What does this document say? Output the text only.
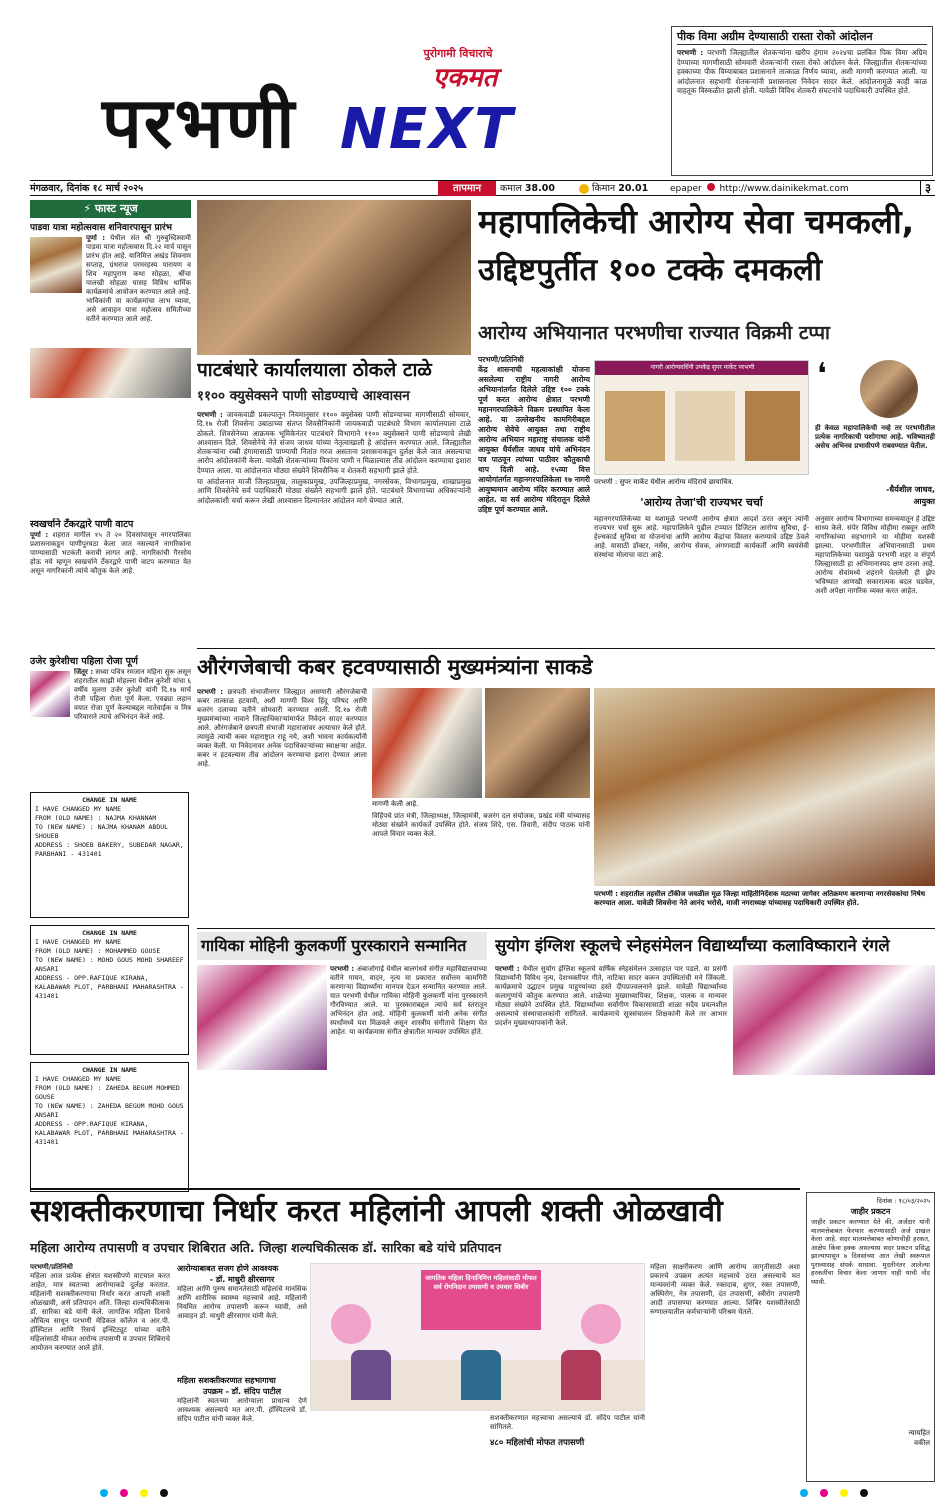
पुरोगामी विचाराचे
एकमत
परभणी NEXT
पीक विमा अग्रीम देण्यासाठी रास्ता रोको आंदोलन
परभणी : परभणी जिल्ह्यातील शेतकऱ्यांना खरीप हंगाम २०२४चा प्रलंबित पिक विमा अग्रिम देण्याच्या मागणीसाठी सोमवारी शेतकऱ्यांनी रास्ता रोको आंदोलन केले. जिल्ह्यातील शेतकऱ्यांच्या हक्काच्या पीक विम्याबाबत प्रशासनाने तात्काळ निर्णय घ्यावा, अशी मागणी करण्यात आली. या आंदोलनात सहभागी शेतकऱ्यांनी प्रशासनाला निवेदन सादर केले. आंदोलनामुळे काही काळ वाहतूक विस्कळीत झाली होती. यावेळी विविध शेतकरी संघटनांचे पदाधिकारी उपस्थित होते.
मंगळवार, दिनांक १८ मार्च २०२५	तापमान	कमाल 38.00	किमान 20.01	epaper http://www.dainikekmat.com	३
⚡ फास्ट न्यूज
पाडवा यात्रा महोत्सवास शनिवारपासून प्रारंभ
पूर्णा : येथील संत श्री गुरुबुध्दिस्वामी पाडवा यात्रा महोत्सवास दि.२२ मार्च पासून प्रारंभ होत आहे. यानिमित्त अखंड शिवनाम सप्ताह, ग्रंथराज परमरहस्य पारायण व शिव महापुराण कथा सोहळा, श्रींचा पालखी सोहळा यासह विविध धार्मिक कार्यक्रमांचे आयोजन करण्यात आले आहे. भाविकांनी या कार्यक्रमांचा लाभ घ्यावा, असे आवाहन यात्रा महोत्सव समितीच्या वतीने करण्यात आले आहे.
स्वखर्चाने टँकरद्वारे पाणी वाटप
पूर्णा : शहरात मागील १५ ते २० दिवसांपासून नगरपालिका प्रशासनाकडून पाणीपुरवठा केला जात नसल्याने नागरिकांना पाण्यासाठी भटकंती करावी लागत आहे. नागरिकांची गैरसोय होऊ नये म्हणून स्वखर्चाने टँकरद्वारे पाणी वाटप करण्यात येत असून नागरिकांनी त्यांचे कौतुक केले आहे.
उजेर कुरेशीचा पहिला रोजा पूर्ण
जिंतूर : सध्या पवित्र रमजान महिना सुरू असून शहरातील काझी मोहल्ला येथील कुरेशी यांचा ६ वर्षीय मुलगा उजेर कुरेशी यांनी दि.१७ मार्च रोजी पहिला रोजा पूर्ण केला. एवढ्या लहान वयात रोजा पूर्ण केल्याबद्दल नातेवाईक व मित्र परिवाराने त्याचे अभिनंदन केले आहे.
CHANGE IN NAME
I HAVE CHANGED MY NAME
FROM (OLD NAME) : NAJMA KHANNAM
TO (NEW NAME) : NAJMA KHANAM ABDUL SHOUEB
ADDRESS : SHOEB BAKERY, SUBEDAR NAGAR, PARBHANI - 431401
CHANGE IN NAME
I HAVE CHANGED MY NAME
FROM (OLD NAME) : MOHAMMED GOUSE
TO (NEW NAME) : MOHD GOUS MOHD SHAREEF ANSARI
ADDRESS - OPP.RAFIQUE KIRANA, KALABAWAR PLOT, PARBHANI MAHARASHTRA - 431401
CHANGE IN NAME
I HAVE CHANGED MY NAME
FROM (OLD NAME) : ZAHEDA BEGUM MOHMED GOUSE
TO (NEW NAME) : ZAHEDA BEGUM MOHD GOUS ANSARI
ADDRESS - OPP.RAFIQUE KIRANA, KALABAWAR PLOT, PARBHANI MAHARASHTRA - 431401
पाटबंधारे कार्यालयाला ठोकले टाळे
११०० क्युसेक्सने पाणी सोडण्याचे आश्वासन

परभणी : जायकवाडी प्रकल्पातून नियमानुसार ११०० क्युसेक्स पाणी सोडण्याच्या मागणीसाठी सोमवार, दि.१७ रोजी शिवसेना उबाठाच्या संतप्त शिवसैनिकांनी जायकवाडी पाटबंधारे विभाग कार्यालयाला टाळे ठोकले. शिवसेनेच्या आक्रमक भूमिकेनंतर पाटबंधारे विभागाने ११०० क्युसेक्सने पाणी सोडण्याचे लेखी आश्वासन दिले. शिवसेनेचे नेते संजय जाधव यांच्या नेतृत्वाखाली हे आंदोलन करण्यात आले. जिल्ह्यातील शेतकऱ्यांना रब्बी हंगामासाठी पाण्याची नितांत गरज असताना प्रशासनाकडून दुर्लक्ष केले जात असल्याचा आरोप आंदोलकांनी केला. यावेळी शेतकऱ्यांच्या पिकांना पाणी न मिळाल्यास तीव्र आंदोलन करण्याचा इशारा देण्यात आला. या आंदोलनात मोठ्या संख्येने शिवसैनिक व शेतकरी सहभागी झाले होते.

या आंदोलनात माजी जिल्हाप्रमुख, तालुकाप्रमुख, उपजिल्हाप्रमुख, नगरसेवक, विभागप्रमुख, शाखाप्रमुख आणि शिवसेनेचे सर्व पदाधिकारी मोठ्या संख्येने सहभागी झाले होते. पाटबंधारे विभागाच्या अधिकाऱ्यांनी आंदोलकांशी चर्चा करून लेखी आश्वासन दिल्यानंतर आंदोलन मागे घेण्यात आले.

महापालिकेची आरोग्य सेवा चमकली,
उद्दिष्टपुर्तीत १०० टक्के दमकली
आरोग्य अभियानात परभणीचा राज्यात विक्रमी टप्पा
परभणी/प्रतिनिधी

केंद्र शासनाची महत्वाकांक्षी योजना असलेल्या राष्ट्रीय नागरी आरोग्य अभियानांतर्गत दिलेले उद्दिष्ट १०० टक्के पूर्ण करत आरोग्य क्षेत्रात परभणी महानगरपालिकेने विक्रम प्रस्थापित केला आहे. या उल्लेखनीय कामगिरीबद्दल आरोग्य सेवेचे आयुक्त तथा राष्ट्रीय आरोग्य अभियान महाराष्ट्र संचालक यांनी आयुक्त धैर्यशील जाधव यांचे अभिनंदन पत्र पाठवून त्यांच्या पाठीवर कौतुकाची थाप दिली आहे. १५व्या वित्त आयोगांतर्गत महानगरपालिकेला १७ नागरी आयुष्यमान आरोग्य मंदिर करण्यात आले आहेत. या सर्व आरोग्य मंदिरातून दिलेले उद्दिष्ट पूर्ण करण्यात आले.

नागरी आरोग्यवर्धिनी उपकेंद्र सुपर मार्केट परभणी
परभणी : सुपर मार्केट येथील आरोग्य मंदिराचे छायाचित्र.
❛
ही केवळ महापालिकेची नव्हे तर परभणीतील प्रत्येक नागरिकाची यशोगाथा आहे. भविष्यातही असेच अभिनव प्रभावीपणे राबवण्यात येतील.
-धैर्यशील जाधव,
आयुक्त
'आरोग्य तेजा'ची राज्यभर चर्चा
महानगरपालिकेच्या या यशामुळे परभणी आरोग्य क्षेत्रात आदर्श ठरत असून त्यांनी राज्यभर चर्चा सुरू आहे. महापालिकेने पुढील टप्प्यात डिजिटल आरोग्य सुविधा, ई-हेल्थकार्ड सुविधा या योजनांचा आणि आरोग्य केंद्रांचा विस्तार करण्याचे उद्दिष्ट ठेवले आहे. यासाठी डॉक्टर, नर्सेस, आरोग्य सेवक, अंगणवाडी कार्यकर्ती आणि स्वयंसेवी संस्थांचा मोलाचा वाटा आहे.
अनुसार आरोग्य विभागाच्या समन्वयातून हे उद्दिष्ट साध्य केले. संपेर विविध मोहीमा राबवून आणि नागरिकांच्या सहभागाने या मोहीमा यशस्वी झाल्या. परभणीतील अभियानासाठी प्रथम महापालिकेच्या यशामुळे परभणी शहर व संपूर्ण जिल्ह्यासाठी हा अभिमानास्पद क्षण ठरला आहे. आरोग्य सेवांमध्ये शहराने घेतलेली ही झेप भविष्यात आणखी सकारात्मक बदल घडवेल, अशी अपेक्षा नागरिक व्यक्त करत आहेत.
औरंगजेबाची कबर हटवण्यासाठी मुख्यमंत्र्यांना साकडे
परभणी : छत्रपती संभाजीनगर जिल्ह्यात असणारी औरंगजेबाची कबर तात्काळ हटवावी, अशी मागणी विश्व हिंदू परिषद आणि बजरंग दलाच्या वतीने सोमवारी करण्यात आली. दि.१७ रोजी मुख्यमंत्र्यांच्या नावाने जिल्हाधिकाऱ्यांमार्फत निवेदन सादर करण्यात आले. औरंगजेबाने छत्रपती संभाजी महाराजांवर अत्याचार केले होते. त्यामुळे त्याची कबर महाराष्ट्रात राहू नये, अशी भावना कार्यकर्त्यांनी व्यक्त केली. या निवेदनावर अनेक पदाधिकाऱ्यांच्या स्वाक्षऱ्या आहेत. कबर न हटवल्यास तीव्र आंदोलन करण्याचा इशारा देण्यात आला आहे.
मागणी केली आहे.
विहिंपचे प्रांत मंत्री, जिल्हाध्यक्ष, जिल्हामंत्री, बजरंग दल संयोजक, प्रखंड मंत्री यांच्यासह मोठ्या संख्येने कार्यकर्ते उपस्थित होते. संजय शिंदे, एस. तिवारी, संदीप पाठक यांनी आपले विचार व्यक्त केले.
परभणी : शहरातील तहसील टॉकीज जवळील मूळ जिल्हा माहितीनिर्देशक मठाच्या जागेवर अतिक्रमण करणाऱ्या नगरसेवकांचा निषेध करण्यात आला. यावेळी शिवसेना नेते आनंद भरोसे, माजी नगराध्यक्ष यांच्यासह पदाधिकारी उपस्थित होते.
गायिका मोहिनी कुलकर्णी पुरस्काराने सन्मानित
परभणी : अंबाजोगाई येथील बालगंधर्व संगीत महाविद्यालयाच्या वतीने गायन, वादन, नृत्य या प्रकारात सर्वोत्तम कामगिरी करणाऱ्या विद्यार्थ्यांना मानपत्र देऊन सन्मानित करण्यात आले. यात परभणी येथील गायिका मोहिनी कुलकर्णी यांना पुरस्काराने गौरविण्यात आले. या पुरस्काराबद्दल त्यांचे सर्व स्तरातून अभिनंदन होत आहे. मोहिनी कुलकर्णी यांनी अनेक संगीत स्पर्धांमध्ये यश मिळवले असून शास्त्रीय संगीताचे शिक्षण घेत आहेत. या कार्यक्रमास संगीत क्षेत्रातील मान्यवर उपस्थित होते.
सुयोग इंग्लिश स्कूलचे स्नेहसंमेलन विद्यार्थ्यांच्या कलाविष्काराने रंगले
परभणी : येथील सुयोग इंग्लिश स्कूलचे वार्षिक स्नेहसंमेलन उत्साहात पार पडले. या प्रसंगी विद्यार्थ्यांनी विविध नृत्य, देशभक्तीपर गीते, नाटिका सादर करून उपस्थितांची मने जिंकली. कार्यक्रमाचे उद्घाटन प्रमुख पाहुण्यांच्या हस्ते दीपप्रज्वलनाने झाले. यावेळी विद्यार्थ्यांच्या कलागुणांचे कौतुक करण्यात आले. शाळेच्या मुख्याध्यापिका, शिक्षक, पालक व मान्यवर मोठ्या संख्येने उपस्थित होते. विद्यार्थ्यांच्या सर्वांगीण विकासासाठी शाळा सदैव प्रयत्नशील असल्याचे संस्थाचालकांनी सांगितले. कार्यक्रमाचे सूत्रसंचालन शिक्षकांनी केले तर आभार प्रदर्शन मुख्याध्यापकांनी केले.
सशक्तीकरणाचा निर्धार करत महिलांनी आपली शक्ती ओळखावी
महिला आरोग्य तपासणी व उपचार शिबिरात अति. जिल्हा शल्यचिकीत्सक डॉ. सारिका बडे यांचे प्रतिपादन
परभणी/प्रतिनिधी

महिला आज प्रत्येक क्षेत्रात यशस्वीपणे वाटचाल करत आहेत, मात्र स्वतःच्या आरोग्याकडे दुर्लक्ष करतात. महिलांनी सशक्तीकरणाचा निर्धार करत आपली शक्ती ओळखावी, असे प्रतिपादन अति. जिल्हा शल्यचिकीत्सक डॉ. सारिका बडे यांनी केले. जागतिक महिला दिनाचे औचित्य साधून परभणी मेडिकल कॉलेज व आर.पी. हॉस्पिटल आणि रिसर्च इन्स्टिट्यूट यांच्या वतीने महिलांसाठी मोफत आरोग्य तपासणी व उपचार शिबिराचे आयोजन करण्यात आले होते.

आरोग्याबाबत सजग होणे आवश्यक
- डॉ. माधुरी क्षीरसागर
महिला आणि पुरुष समानतेसाठी महिलांचे मानसिक आणि शारीरिक स्वास्थ्य महत्त्वाचे आहे. महिलांनी नियमित आरोग्य तपासणी करून घ्यावी, असे आवाहन डॉ. माधुरी क्षीरसागर यांनी केले.
महिला सशक्तीकरणात सहभागाचा
उपक्रम - डॉ. संदिप पाटील
महिलांनी स्वतःच्या आरोग्याला प्राधान्य देणे आवश्यक असल्याचे मत आर.पी. हॉस्पिटलचे डॉ. संदिप पाटील यांनी व्यक्त केले.
जागतिक महिला दिनानिमित्त महिलांसाठी मोफत सर्व रोगनिदान तपासणी व उपचार शिबीर
सशक्तीकरणात महत्त्वाचा असल्याचे डॉ. संदिप पाटील यांनी सांगितले.
४८० महिलांची मोफत तपासणी
महिला साक्षरीकरण आणि आरोग्य जागृतीसाठी अशा प्रकारचे उपक्रम अत्यंत महत्त्वाचे ठरत असल्याचे मत मान्यवरांनी व्यक्त केले. रक्तदाब, शुगर, रक्त तपासणी, अस्थिरोग, नेत्र तपासणी, दंत तपासणी, स्त्रीरोग तपासणी आदी तपासण्या करण्यात आल्या. शिबिर यशस्वीतेसाठी रुग्णालयातील कर्मचाऱ्यांनी परिश्रम घेतले.
दिनांक : १८/०३/२०२५
जाहीर प्रकटन
जाहीर प्रकटन करण्यात येते की, अर्जदार यांनी मालमत्तेबाबत फेरफार करण्यासाठी अर्ज दाखल केला आहे. सदर मालमत्तेबाबत कोणाचीही हरकत, आक्षेप किंवा हक्क असल्यास सदर प्रकटन प्रसिद्ध झाल्यापासून ७ दिवसांच्या आत लेखी स्वरूपात पुराव्यासह संपर्क साधावा. मुदतीनंतर आलेल्या हरकतींचा विचार केला जाणार नाही याची नोंद घ्यावी.
न्यायहित
वकील
